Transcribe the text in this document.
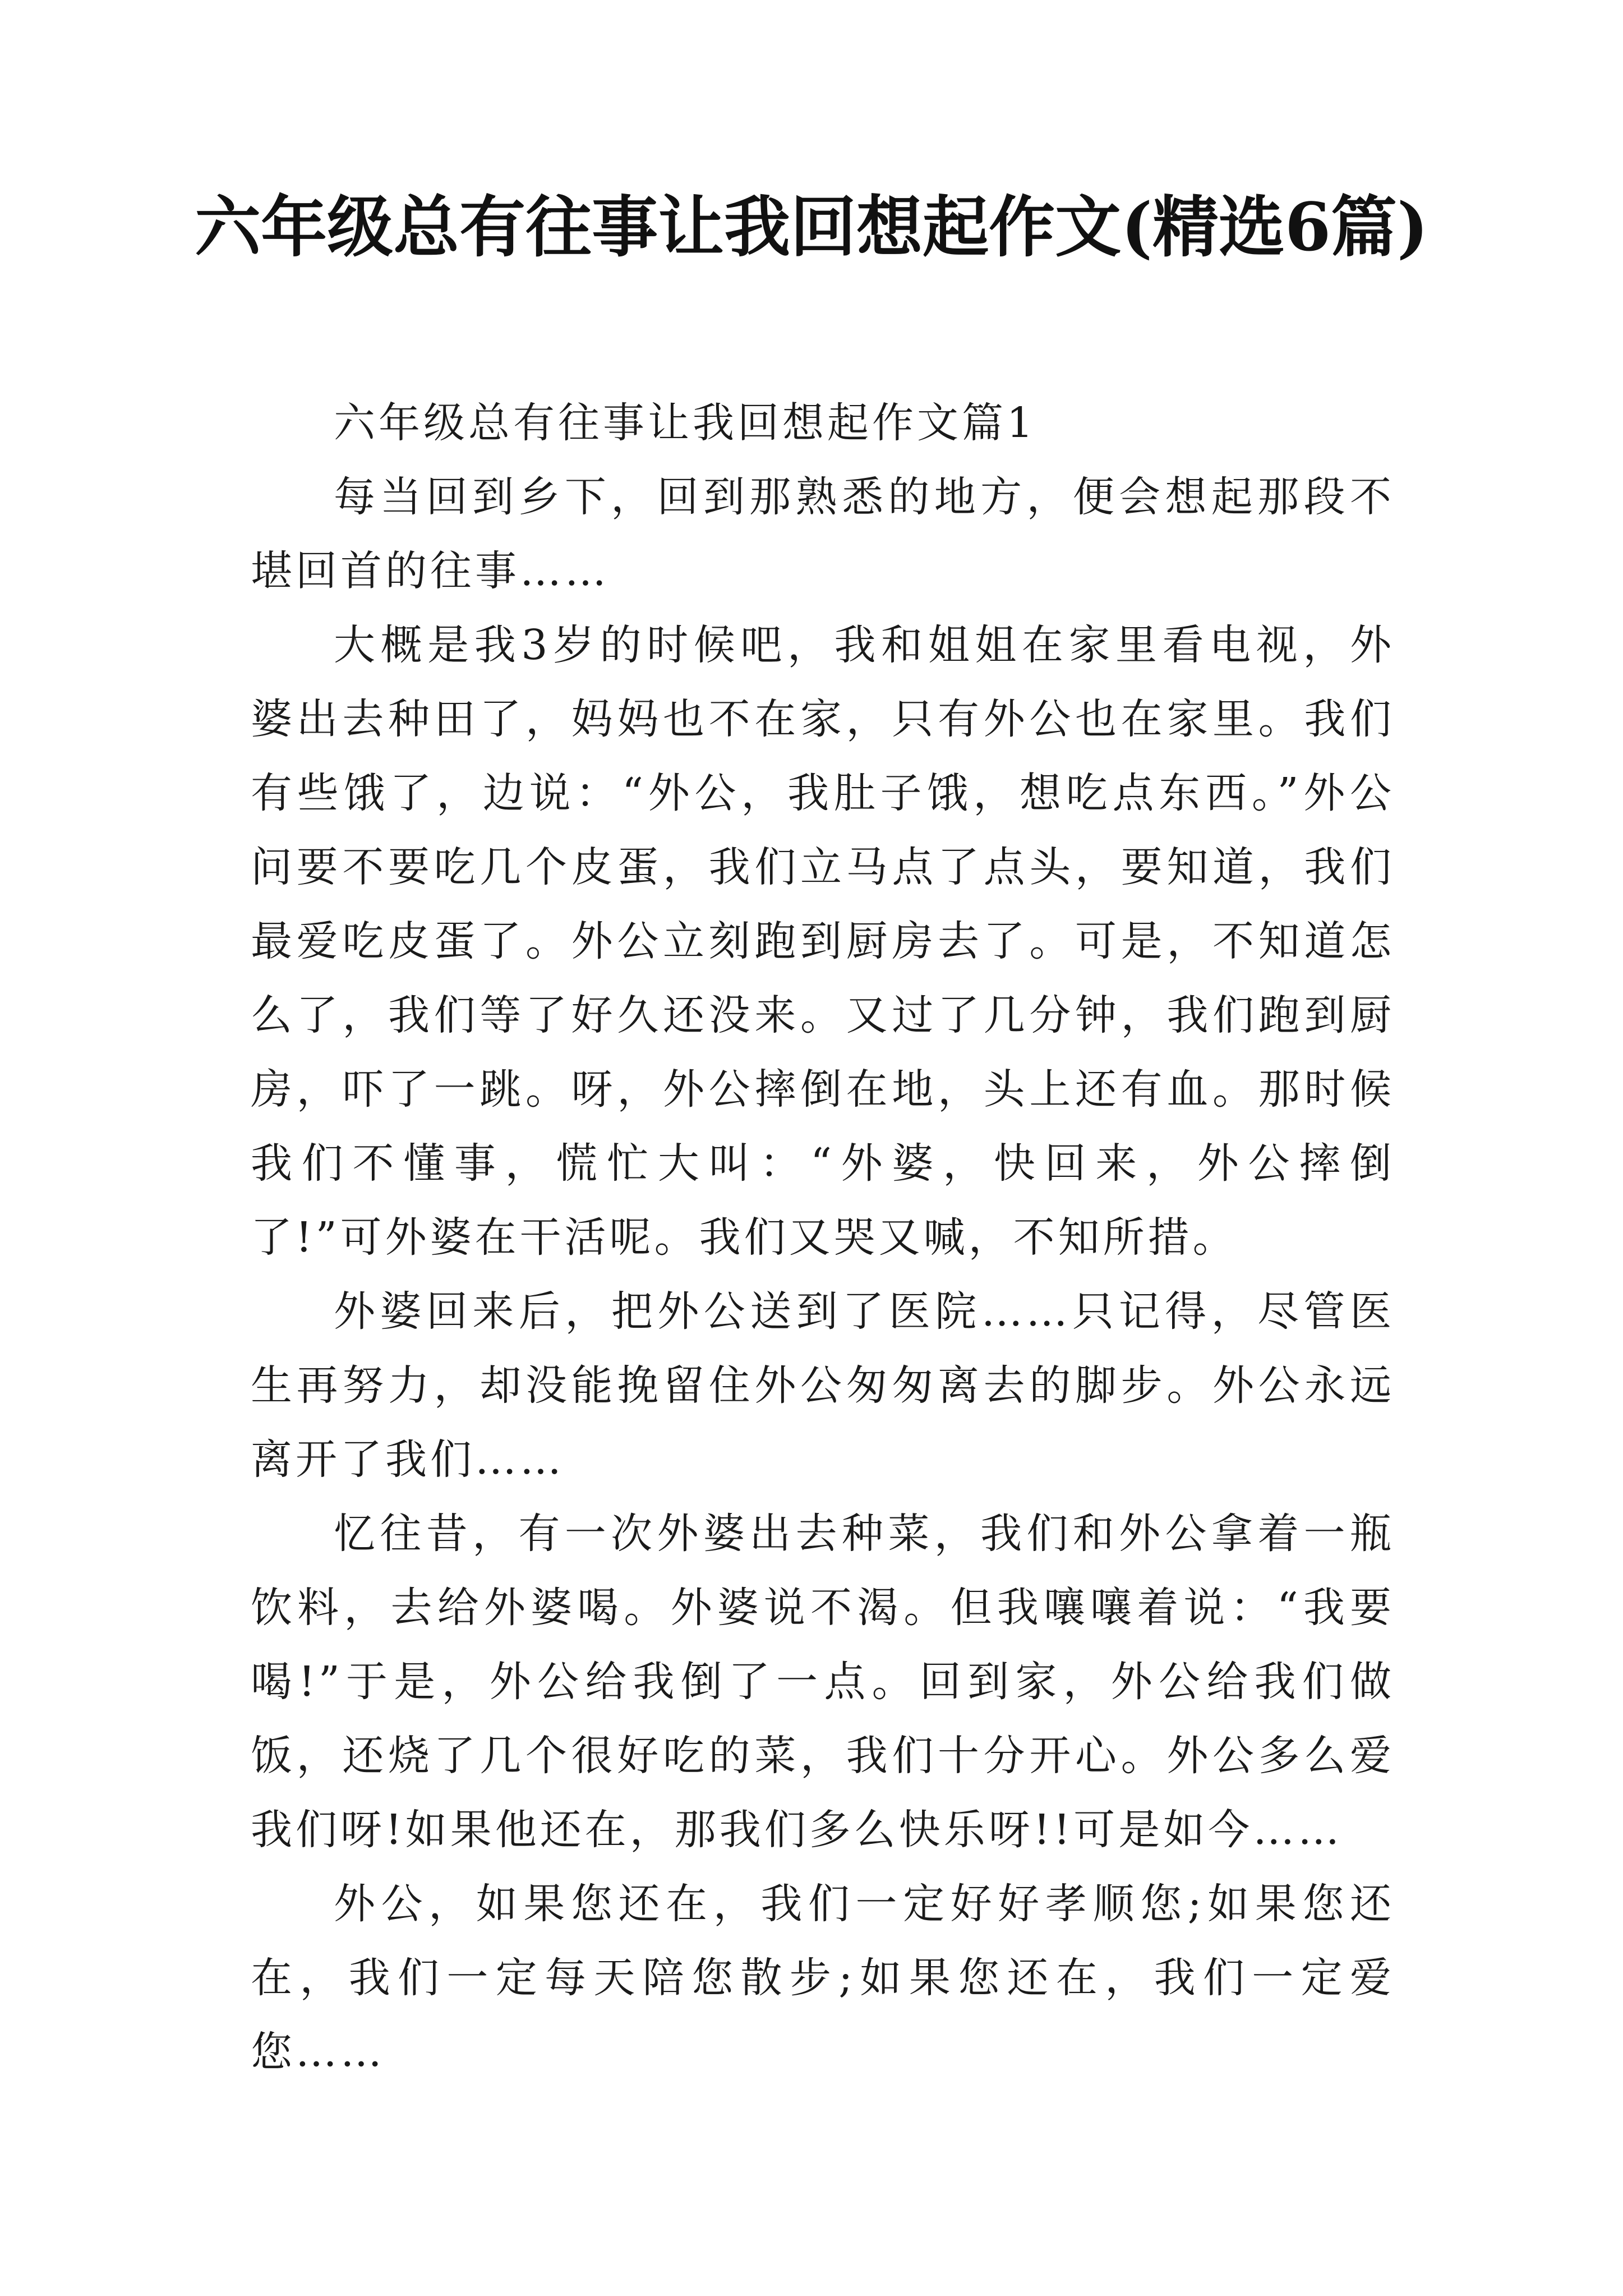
六年级总有往事让我回想起作文(精选6篇)

六年级总有往事让我回想起作文篇1

每当回到乡下，回到那熟悉的地方，便会想起那段不堪回首的往事……

大概是我3岁的时候吧，我和姐姐在家里看电视，外婆出去种田了，妈妈也不在家，只有外公也在家里。我们有些饿了，边说：“外公，我肚子饿，想吃点东西。”外公问要不要吃几个皮蛋，我们立马点了点头，要知道，我们最爱吃皮蛋了。外公立刻跑到厨房去了。可是，不知道怎么了，我们等了好久还没来。又过了几分钟，我们跑到厨房，吓了一跳。呀，外公摔倒在地，头上还有血。那时候我们不懂事，慌忙大叫：“外婆，快回来，外公摔倒了!”可外婆在干活呢。我们又哭又喊，不知所措。

外婆回来后，把外公送到了医院……只记得，尽管医生再努力，却没能挽留住外公匆匆离去的脚步。外公永远离开了我们……

忆往昔，有一次外婆出去种菜，我们和外公拿着一瓶饮料，去给外婆喝。外婆说不渴。但我嚷嚷着说：“我要喝!”于是，外公给我倒了一点。回到家，外公给我们做饭，还烧了几个很好吃的菜，我们十分开心。外公多么爱我们呀!如果他还在，那我们多么快乐呀!!可是如今……

外公，如果您还在，我们一定好好孝顺您;如果您还在，我们一定每天陪您散步;如果您还在，我们一定爱您……
